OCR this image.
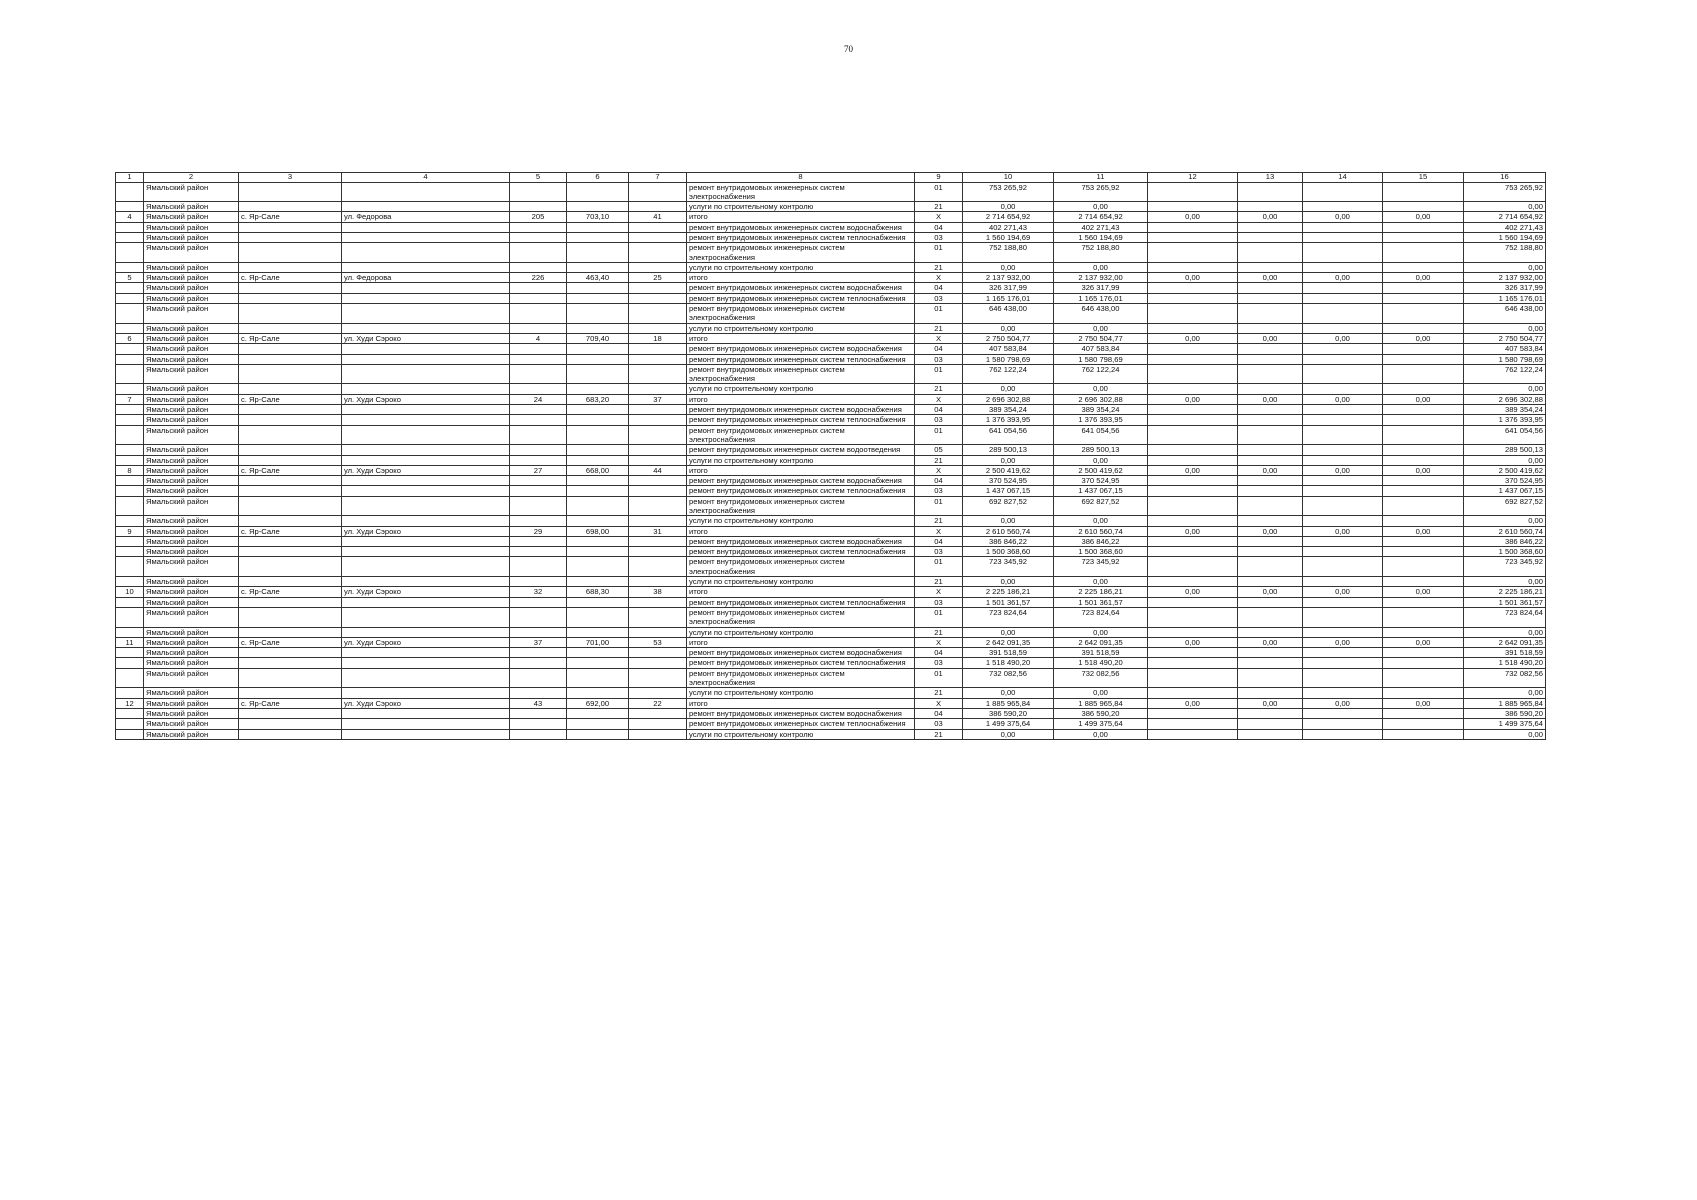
70
1	2	3	4	5	6	7	8	9	10	11	12	13	14	15	16
	Ямальский район						ремонт внутридомовых инженерных систем электроснабжения	01	753 265,92	753 265,92					753 265,92
	Ямальский район						услуги по строительному контролю	21	0,00	0,00					0,00
4	Ямальский район	с. Яр-Сале	ул. Федорова	205	703,10	41	итого	X	2 714 654,92	2 714 654,92	0,00	0,00	0,00	0,00	2 714 654,92
	Ямальский район						ремонт внутридомовых инженерных систем водоснабжения	04	402 271,43	402 271,43					402 271,43
	Ямальский район						ремонт внутридомовых инженерных систем теплоснабжения	03	1 560 194,69	1 560 194,69					1 560 194,69
	Ямальский район						ремонт внутридомовых инженерных систем электроснабжения	01	752 188,80	752 188,80					752 188,80
	Ямальский район						услуги по строительному контролю	21	0,00	0,00					0,00
5	Ямальский район	с. Яр-Сале	ул. Федорова	226	463,40	25	итого	X	2 137 932,00	2 137 932,00	0,00	0,00	0,00	0,00	2 137 932,00
	Ямальский район						ремонт внутридомовых инженерных систем водоснабжения	04	326 317,99	326 317,99					326 317,99
	Ямальский район						ремонт внутридомовых инженерных систем теплоснабжения	03	1 165 176,01	1 165 176,01					1 165 176,01
	Ямальский район						ремонт внутридомовых инженерных систем электроснабжения	01	646 438,00	646 438,00					646 438,00
	Ямальский район						услуги по строительному контролю	21	0,00	0,00					0,00
6	Ямальский район	с. Яр-Сале	ул. Худи Сэроко	4	709,40	18	итого	X	2 750 504,77	2 750 504,77	0,00	0,00	0,00	0,00	2 750 504,77
	Ямальский район						ремонт внутридомовых инженерных систем водоснабжения	04	407 583,84	407 583,84					407 583,84
	Ямальский район						ремонт внутридомовых инженерных систем теплоснабжения	03	1 580 798,69	1 580 798,69					1 580 798,69
	Ямальский район						ремонт внутридомовых инженерных систем электроснабжения	01	762 122,24	762 122,24					762 122,24
	Ямальский район						услуги по строительному контролю	21	0,00	0,00					0,00
7	Ямальский район	с. Яр-Сале	ул. Худи Сэроко	24	683,20	37	итого	X	2 696 302,88	2 696 302,88	0,00	0,00	0,00	0,00	2 696 302,88
	Ямальский район						ремонт внутридомовых инженерных систем водоснабжения	04	389 354,24	389 354,24					389 354,24
	Ямальский район						ремонт внутридомовых инженерных систем теплоснабжения	03	1 376 393,95	1 376 393,95					1 376 393,95
	Ямальский район						ремонт внутридомовых инженерных систем электроснабжения	01	641 054,56	641 054,56					641 054,56
	Ямальский район						ремонт внутридомовых инженерных систем водоотведения	05	289 500,13	289 500,13					289 500,13
	Ямальский район						услуги по строительному контролю	21	0,00	0,00					0,00
8	Ямальский район	с. Яр-Сале	ул. Худи Сэроко	27	668,00	44	итого	X	2 500 419,62	2 500 419,62	0,00	0,00	0,00	0,00	2 500 419,62
	Ямальский район						ремонт внутридомовых инженерных систем водоснабжения	04	370 524,95	370 524,95					370 524,95
	Ямальский район						ремонт внутридомовых инженерных систем теплоснабжения	03	1 437 067,15	1 437 067,15					1 437 067,15
	Ямальский район						ремонт внутридомовых инженерных систем электроснабжения	01	692 827,52	692 827,52					692 827,52
	Ямальский район						услуги по строительному контролю	21	0,00	0,00					0,00
9	Ямальский район	с. Яр-Сале	ул. Худи Сэроко	29	698,00	31	итого	X	2 610 560,74	2 610 560,74	0,00	0,00	0,00	0,00	2 610 560,74
	Ямальский район						ремонт внутридомовых инженерных систем водоснабжения	04	386 846,22	386 846,22					386 846,22
	Ямальский район						ремонт внутридомовых инженерных систем теплоснабжения	03	1 500 368,60	1 500 368,60					1 500 368,60
	Ямальский район						ремонт внутридомовых инженерных систем электроснабжения	01	723 345,92	723 345,92					723 345,92
	Ямальский район						услуги по строительному контролю	21	0,00	0,00					0,00
10	Ямальский район	с. Яр-Сале	ул. Худи Сэроко	32	688,30	38	итого	X	2 225 186,21	2 225 186,21	0,00	0,00	0,00	0,00	2 225 186,21
	Ямальский район						ремонт внутридомовых инженерных систем теплоснабжения	03	1 501 361,57	1 501 361,57					1 501 361,57
	Ямальский район						ремонт внутридомовых инженерных систем электроснабжения	01	723 824,64	723 824,64					723 824,64
	Ямальский район						услуги по строительному контролю	21	0,00	0,00					0,00
11	Ямальский район	с. Яр-Сале	ул. Худи Сэроко	37	701,00	53	итого	X	2 642 091,35	2 642 091,35	0,00	0,00	0,00	0,00	2 642 091,35
	Ямальский район						ремонт внутридомовых инженерных систем водоснабжения	04	391 518,59	391 518,59					391 518,59
	Ямальский район						ремонт внутридомовых инженерных систем теплоснабжения	03	1 518 490,20	1 518 490,20					1 518 490,20
	Ямальский район						ремонт внутридомовых инженерных систем электроснабжения	01	732 082,56	732 082,56					732 082,56
	Ямальский район						услуги по строительному контролю	21	0,00	0,00					0,00
12	Ямальский район	с. Яр-Сале	ул. Худи Сэроко	43	692,00	22	итого	X	1 885 965,84	1 885 965,84	0,00	0,00	0,00	0,00	1 885 965,84
	Ямальский район						ремонт внутридомовых инженерных систем водоснабжения	04	386 590,20	386 590,20					386 590,20
	Ямальский район						ремонт внутридомовых инженерных систем теплоснабжения	03	1 499 375,64	1 499 375,64					1 499 375,64
	Ямальский район						услуги по строительному контролю	21	0,00	0,00					0,00
